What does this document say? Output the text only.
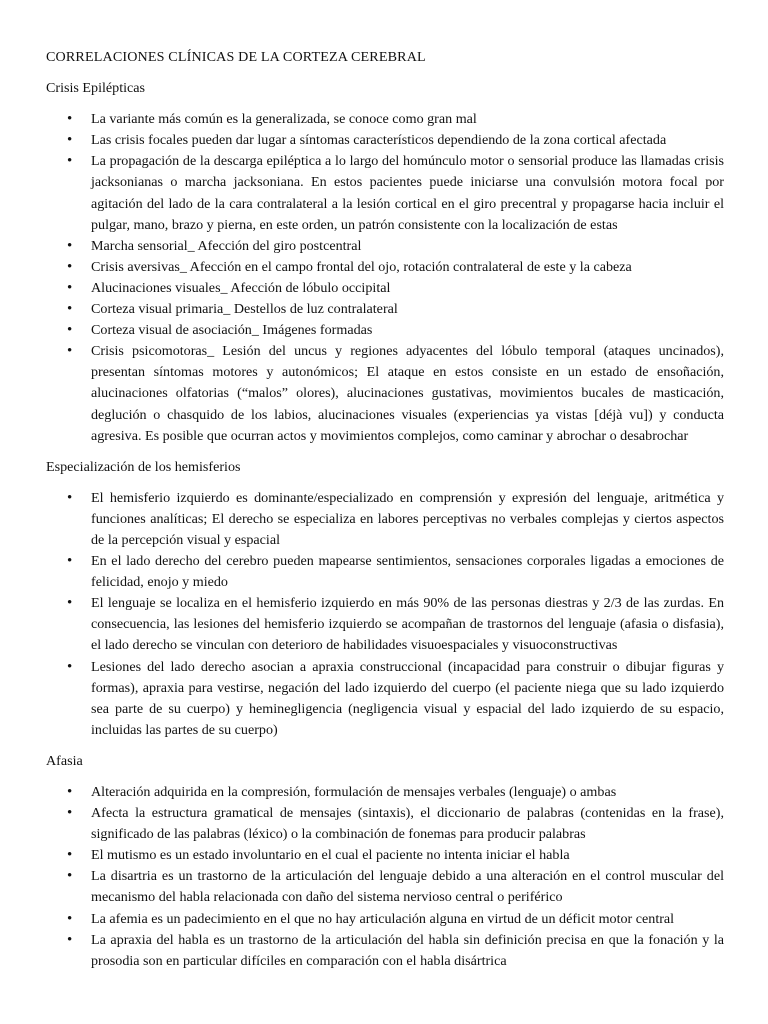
CORRELACIONES CLÍNICAS DE LA CORTEZA CEREBRAL
Crisis Epilépticas
• La variante más común es la generalizada, se conoce como gran mal
• Las crisis focales pueden dar lugar a síntomas característicos dependiendo de la zona cortical afectada
• La propagación de la descarga epiléptica a lo largo del homúnculo motor o sensorial produce las llamadas crisis jacksonianas o marcha jacksoniana. En estos pacientes puede iniciarse una convulsión motora focal por agitación del lado de la cara contralateral a la lesión cortical en el giro precentral y propagarse hacia incluir el pulgar, mano, brazo y pierna, en este orden, un patrón consistente con la localización de estas
• Marcha sensorial_ Afección del giro postcentral
• Crisis aversivas_ Afección en el campo frontal del ojo, rotación contralateral de este y la cabeza
• Alucinaciones visuales_ Afección de lóbulo occipital
• Corteza visual primaria_ Destellos de luz contralateral
• Corteza visual de asociación_ Imágenes formadas
• Crisis psicomotoras_ Lesión del uncus y regiones adyacentes del lóbulo temporal (ataques uncinados), presentan síntomas motores y autonómicos; El ataque en estos consiste en un estado de ensoñación, alucinaciones olfatorias (“malos” olores), alucinaciones gustativas, movimientos bucales de masticación, deglución o chasquido de los labios, alucinaciones visuales (experiencias ya vistas [déjà vu]) y conducta agresiva. Es posible que ocurran actos y movimientos complejos, como caminar y abrochar o desabrochar
Especialización de los hemisferios
• El hemisferio izquierdo es dominante/especializado en comprensión y expresión del lenguaje, aritmética y funciones analíticas; El derecho se especializa en labores perceptivas no verbales complejas y ciertos aspectos de la percepción visual y espacial
• En el lado derecho del cerebro pueden mapearse sentimientos, sensaciones corporales ligadas a emociones de felicidad, enojo y miedo
• El lenguaje se localiza en el hemisferio izquierdo en más 90% de las personas diestras y 2/3 de las zurdas. En consecuencia, las lesiones del hemisferio izquierdo se acompañan de trastornos del lenguaje (afasia o disfasia), el lado derecho se vinculan con deterioro de habilidades visuoespaciales y visuoconstructivas
• Lesiones del lado derecho asocian a apraxia construccional (incapacidad para construir o dibujar figuras y formas), apraxia para vestirse, negación del lado izquierdo del cuerpo (el paciente niega que su lado izquierdo sea parte de su cuerpo) y heminegligencia (negligencia visual y espacial del lado izquierdo de su espacio, incluidas las partes de su cuerpo)
Afasia
• Alteración adquirida en la compresión, formulación de mensajes verbales (lenguaje) o ambas
• Afecta la estructura gramatical de mensajes (sintaxis), el diccionario de palabras (contenidas en la frase), significado de las palabras (léxico) o la combinación de fonemas para producir palabras
• El mutismo es un estado involuntario en el cual el paciente no intenta iniciar el habla
• La disartria es un trastorno de la articulación del lenguaje debido a una alteración en el control muscular del mecanismo del habla relacionada con daño del sistema nervioso central o periférico
• La afemia es un padecimiento en el que no hay articulación alguna en virtud de un déficit motor central
• La apraxia del habla es un trastorno de la articulación del habla sin definición precisa en que la fonación y la prosodia son en particular difíciles en comparación con el habla disártrica
